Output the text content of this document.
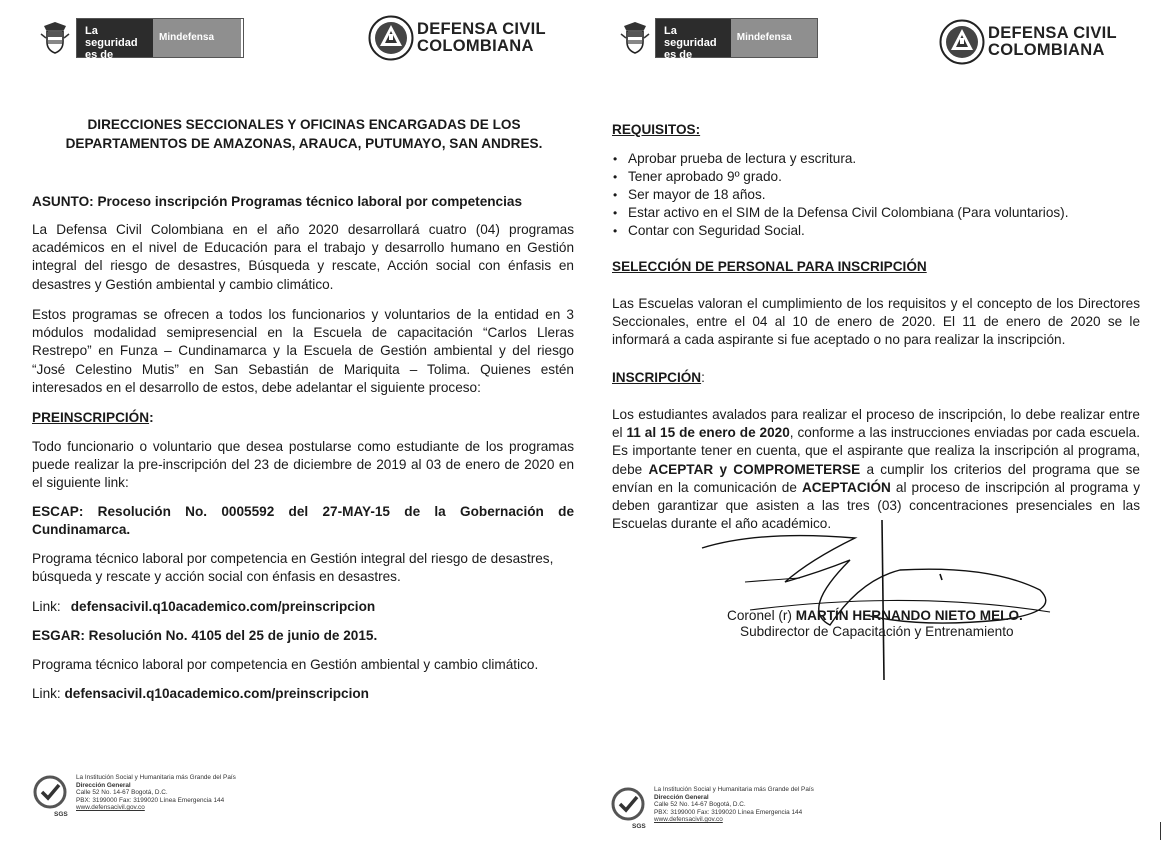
La seguridad
es de todos
Mindefensa	DEFENSA CIVIL
COLOMBIANA
DIRECCIONES SECCIONALES Y OFICINAS ENCARGADAS DE LOS
DEPARTAMENTOS DE AMAZONAS, ARAUCA, PUTUMAYO, SAN ANDRES.

ASUNTO: Proceso inscripción Programas técnico laboral por competencias

La Defensa Civil Colombiana en el año 2020 desarrollará cuatro (04) programas académicos en el nivel de Educación para el trabajo y desarrollo humano en Gestión integral del riesgo de desastres, Búsqueda y rescate, Acción social con énfasis en desastres y Gestión ambiental y cambio climático.

Estos programas se ofrecen a todos los funcionarios y voluntarios de la entidad en 3 módulos modalidad semipresencial en la Escuela de capacitación “Carlos Lleras Restrepo” en Funza – Cundinamarca y la Escuela de Gestión ambiental y del riesgo “José Celestino Mutis” en San Sebastián de Mariquita – Tolima. Quienes estén interesados en el desarrollo de estos, debe adelantar el siguiente proceso:

PREINSCRIPCIÓN:

Todo funcionario o voluntario que desea postularse como estudiante de los programas puede realizar la pre-inscripción del 23 de diciembre de 2019 al 03 de enero de 2020 en el siguiente link:

ESCAP: Resolución No. 0005592 del 27-MAY-15 de la Gobernación de Cundinamarca.

Programa técnico laboral por competencia en Gestión integral del riesgo de desastres, búsqueda y rescate y acción social con énfasis en desastres.

Link: defensacivil.q10academico.com/preinscripcion

ESGAR: Resolución No. 4105 del 25 de junio de 2015.

Programa técnico laboral por competencia en Gestión ambiental y cambio climático.

Link: defensacivil.q10academico.com/preinscripcion

SGS
La Institución Social y Humanitaria más Grande del País
Dirección General
Calle 52 No. 14-67 Bogotá, D.C.
PBX: 3199000 Fax: 3199020 Línea Emergencia 144
www.defensacivil.gov.co
La seguridad
es de todos
Mindefensa	DEFENSA CIVIL
COLOMBIANA

REQUISITOS:

• Aprobar prueba de lectura y escritura.
• Tener aprobado 9º grado.
• Ser mayor de 18 años.
• Estar activo en el SIM de la Defensa Civil Colombiana (Para voluntarios).
• Contar con Seguridad Social.

SELECCIÓN DE PERSONAL PARA INSCRIPCIÓN

Las Escuelas valoran el cumplimiento de los requisitos y el concepto de los Directores Seccionales, entre el 04 al 10 de enero de 2020. El 11 de enero de 2020 se le informará a cada aspirante si fue aceptado o no para realizar la inscripción.

INSCRIPCIÓN:

Los estudiantes avalados para realizar el proceso de inscripción, lo debe realizar entre el 11 al 15 de enero de 2020, conforme a las instrucciones enviadas por cada escuela. Es importante tener en cuenta, que el aspirante que realiza la inscripción al programa, debe ACEPTAR y COMPROMETERSE a cumplir los criterios del programa que se envían en la comunicación de ACEPTACIÓN al proceso de inscripción al programa y deben garantizar que asisten a las tres (03) concentraciones presenciales en las Escuelas durante el año académico.

Coronel (r) MARTÍN HERNANDO NIETO MELO.
Subdirector de Capacitación y Entrenamiento
SGS
La Institución Social y Humanitaria más Grande del País
Dirección General
Calle 52 No. 14-67 Bogotá, D.C.
PBX: 3199000 Fax: 3199020 Línea Emergencia 144
www.defensacivil.gov.co
